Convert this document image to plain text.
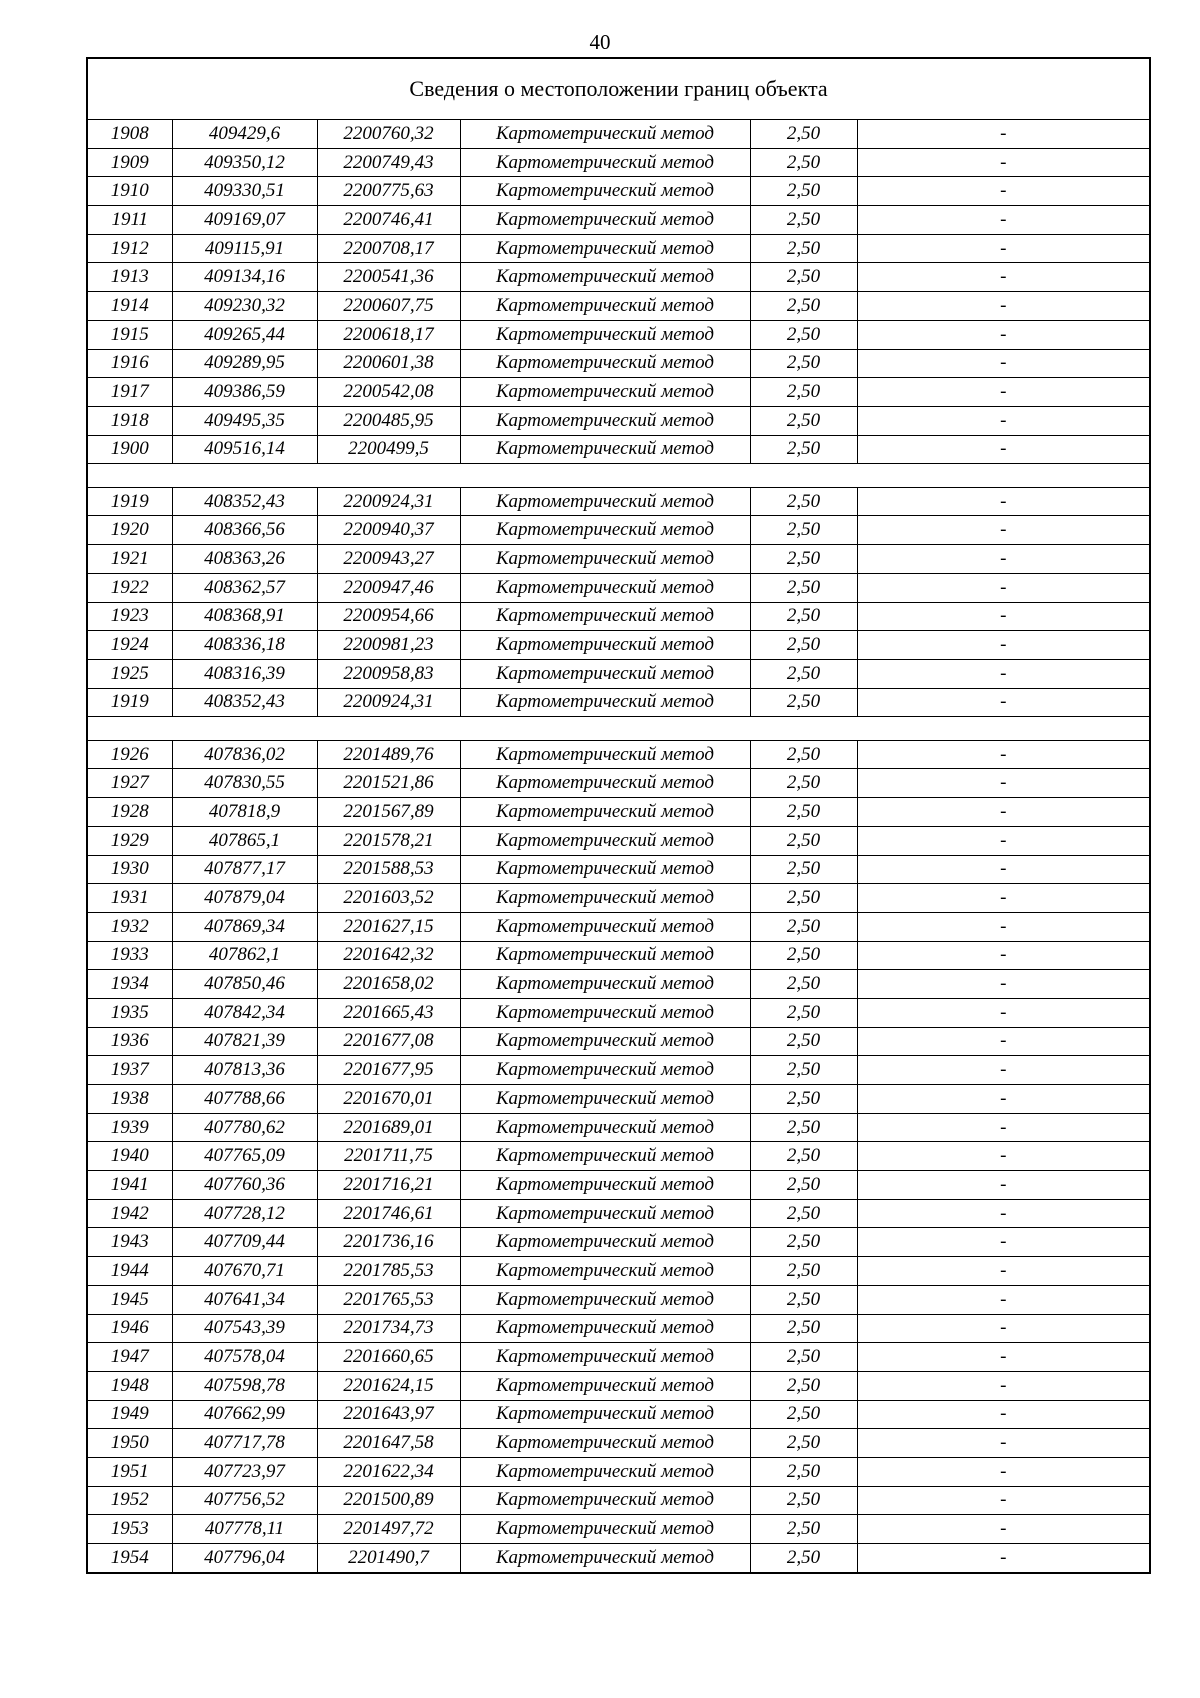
40
Сведения о местоположении границ объекта					
1908	409429,6	2200760,32	Картометрический метод	2,50	-
1909	409350,12	2200749,43	Картометрический метод	2,50	-
1910	409330,51	2200775,63	Картометрический метод	2,50	-
1911	409169,07	2200746,41	Картометрический метод	2,50	-
1912	409115,91	2200708,17	Картометрический метод	2,50	-
1913	409134,16	2200541,36	Картометрический метод	2,50	-
1914	409230,32	2200607,75	Картометрический метод	2,50	-
1915	409265,44	2200618,17	Картометрический метод	2,50	-
1916	409289,95	2200601,38	Картометрический метод	2,50	-
1917	409386,59	2200542,08	Картометрический метод	2,50	-
1918	409495,35	2200485,95	Картометрический метод	2,50	-
1900	409516,14	2200499,5	Картометрический метод	2,50	-

1919	408352,43	2200924,31	Картометрический метод	2,50	-
1920	408366,56	2200940,37	Картометрический метод	2,50	-
1921	408363,26	2200943,27	Картометрический метод	2,50	-
1922	408362,57	2200947,46	Картометрический метод	2,50	-
1923	408368,91	2200954,66	Картометрический метод	2,50	-
1924	408336,18	2200981,23	Картометрический метод	2,50	-
1925	408316,39	2200958,83	Картометрический метод	2,50	-
1919	408352,43	2200924,31	Картометрический метод	2,50	-

1926	407836,02	2201489,76	Картометрический метод	2,50	-
1927	407830,55	2201521,86	Картометрический метод	2,50	-
1928	407818,9	2201567,89	Картометрический метод	2,50	-
1929	407865,1	2201578,21	Картометрический метод	2,50	-
1930	407877,17	2201588,53	Картометрический метод	2,50	-
1931	407879,04	2201603,52	Картометрический метод	2,50	-
1932	407869,34	2201627,15	Картометрический метод	2,50	-
1933	407862,1	2201642,32	Картометрический метод	2,50	-
1934	407850,46	2201658,02	Картометрический метод	2,50	-
1935	407842,34	2201665,43	Картометрический метод	2,50	-
1936	407821,39	2201677,08	Картометрический метод	2,50	-
1937	407813,36	2201677,95	Картометрический метод	2,50	-
1938	407788,66	2201670,01	Картометрический метод	2,50	-
1939	407780,62	2201689,01	Картометрический метод	2,50	-
1940	407765,09	2201711,75	Картометрический метод	2,50	-
1941	407760,36	2201716,21	Картометрический метод	2,50	-
1942	407728,12	2201746,61	Картометрический метод	2,50	-
1943	407709,44	2201736,16	Картометрический метод	2,50	-
1944	407670,71	2201785,53	Картометрический метод	2,50	-
1945	407641,34	2201765,53	Картометрический метод	2,50	-
1946	407543,39	2201734,73	Картометрический метод	2,50	-
1947	407578,04	2201660,65	Картометрический метод	2,50	-
1948	407598,78	2201624,15	Картометрический метод	2,50	-
1949	407662,99	2201643,97	Картометрический метод	2,50	-
1950	407717,78	2201647,58	Картометрический метод	2,50	-
1951	407723,97	2201622,34	Картометрический метод	2,50	-
1952	407756,52	2201500,89	Картометрический метод	2,50	-
1953	407778,11	2201497,72	Картометрический метод	2,50	-
1954	407796,04	2201490,7	Картометрический метод	2,50	-
